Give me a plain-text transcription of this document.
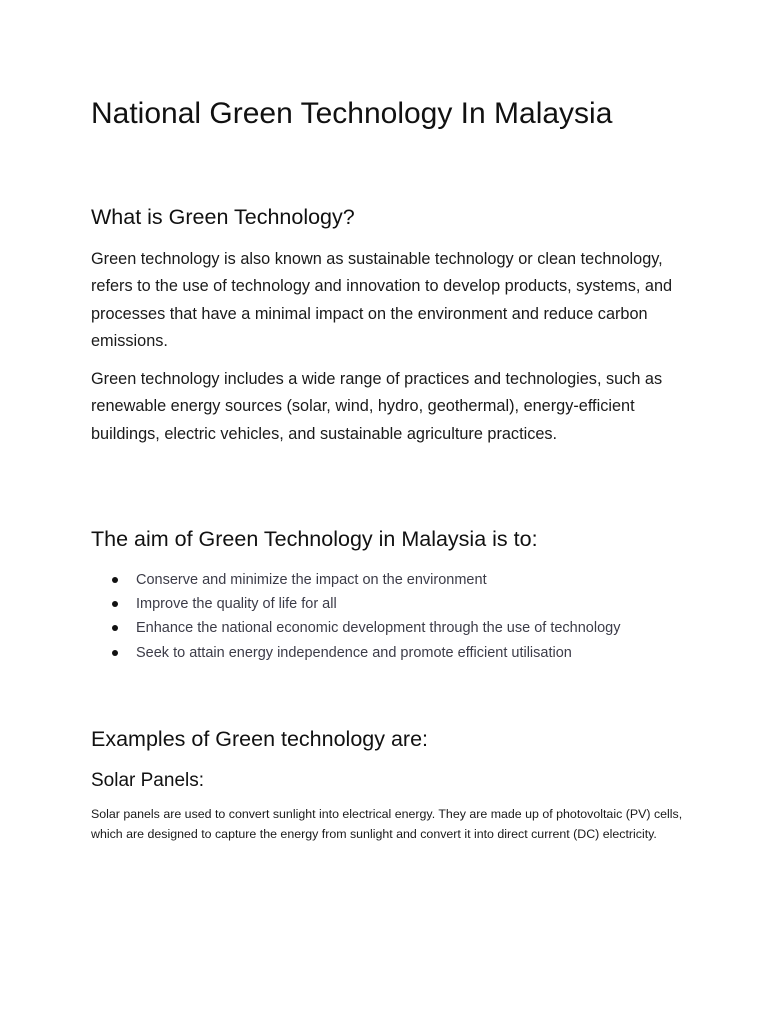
National Green Technology In Malaysia
What is Green Technology?

Green technology is also known as sustainable technology or clean technology, refers to the use of technology and innovation to develop products, systems, and processes that have a minimal impact on the environment and reduce carbon emissions.

Green technology includes a wide range of practices and technologies, such as renewable energy sources (solar, wind, hydro, geothermal), energy-efficient buildings, electric vehicles, and sustainable agriculture practices.

The aim of Green Technology in Malaysia is to:
Conserve and minimize the impact on the environment
Improve the quality of life for all
Enhance the national economic development through the use of technology
Seek to attain energy independence and promote efficient utilisation
Examples of Green technology are:
Solar Panels:

Solar panels are used to convert sunlight into electrical energy. They are made up of photovoltaic (PV) cells, which are designed to capture the energy from sunlight and convert it into direct current (DC) electricity.
